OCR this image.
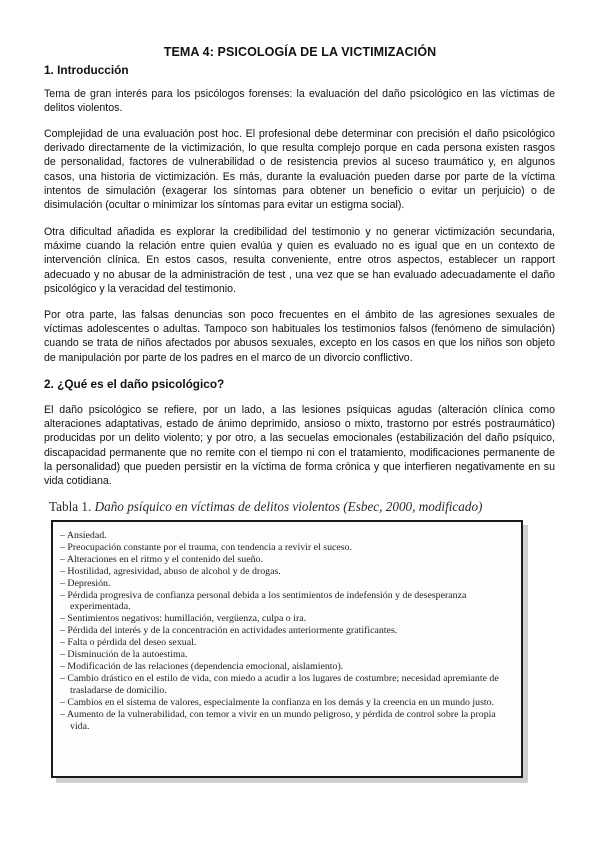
TEMA 4: PSICOLOGÍA DE LA VICTIMIZACIÓN
1. Introducción

Tema de gran interés para los psicólogos forenses: la evaluación del daño psicológico en las víctimas de delitos violentos.

Complejidad de una evaluación post hoc. El profesional debe determinar con precisión el daño psicológico derivado directamente de la victimización, lo que resulta complejo porque en cada persona existen rasgos de personalidad, factores de vulnerabilidad o de resistencia previos al suceso traumático y, en algunos casos, una historia de victimización. Es más, durante la evaluación pueden darse por parte de la víctima intentos de simulación (exagerar los síntomas para obtener un beneficio o evitar un perjuicio) o de disimulación (ocultar o minimizar los síntomas para evitar un estigma social).

Otra dificultad añadida es explorar la credibilidad del testimonio y no generar victimización secundaria, máxime cuando la relación entre quien evalúa y quien es evaluado no es igual que en un contexto de intervención clínica. En estos casos, resulta conveniente, entre otros aspectos, establecer un rapport adecuado y no abusar de la administración de test , una vez que se han evaluado adecuadamente el daño psicológico y la veracidad del testimonio.

Por otra parte, las falsas denuncias son poco frecuentes en el ámbito de las agresiones sexuales de víctimas adolescentes o adultas. Tampoco son habituales los testimonios falsos (fenómeno de simulación) cuando se trata de niños afectados por abusos sexuales, excepto en los casos en que los niños son objeto de manipulación por parte de los padres en el marco de un divorcio conflictivo.

2. ¿Qué es el daño psicológico?

El daño psicológico se refiere, por un lado, a las lesiones psíquicas agudas (alteración clínica como alteraciones adaptativas, estado de ánimo deprimido, ansioso o mixto, trastorno por estrés postraumático) producidas por un delito violento; y por otro, a las secuelas emocionales (estabilización del daño psíquico, discapacidad permanente que no remite con el tiempo ni con el tratamiento, modificaciones permanente de la personalidad) que pueden persistir en la víctima de forma crónica y que interfieren negativamente en su vida cotidiana.

Tabla 1. Daño psíquico en víctimas de delitos violentos (Esbec, 2000, modificado)
– Ansiedad.
– Preocupación constante por el trauma, con tendencia a revivir el suceso.
– Alteraciones en el ritmo y el contenido del sueño.
– Hostilidad, agresividad, abuso de alcohol y de drogas.
– Depresión.
– Pérdida progresiva de confianza personal debida a los sentimientos de indefensión y de desesperanza experimentada.
– Sentimientos negativos: humillación, vergüenza, culpa o ira.
– Pérdida del interés y de la concentración en actividades anteriormente gratificantes.
– Falta o pérdida del deseo sexual.
– Disminución de la autoestima.
– Modificación de las relaciones (dependencia emocional, aislamiento).
– Cambio drástico en el estilo de vida, con miedo a acudir a los lugares de costumbre; necesidad apremiante de trasladarse de domicilio.
– Cambios en el sistema de valores, especialmente la confianza en los demás y la creencia en un mundo justo.
– Aumento de la vulnerabilidad, con temor a vivir en un mundo peligroso, y pérdida de control sobre la propia vida.
